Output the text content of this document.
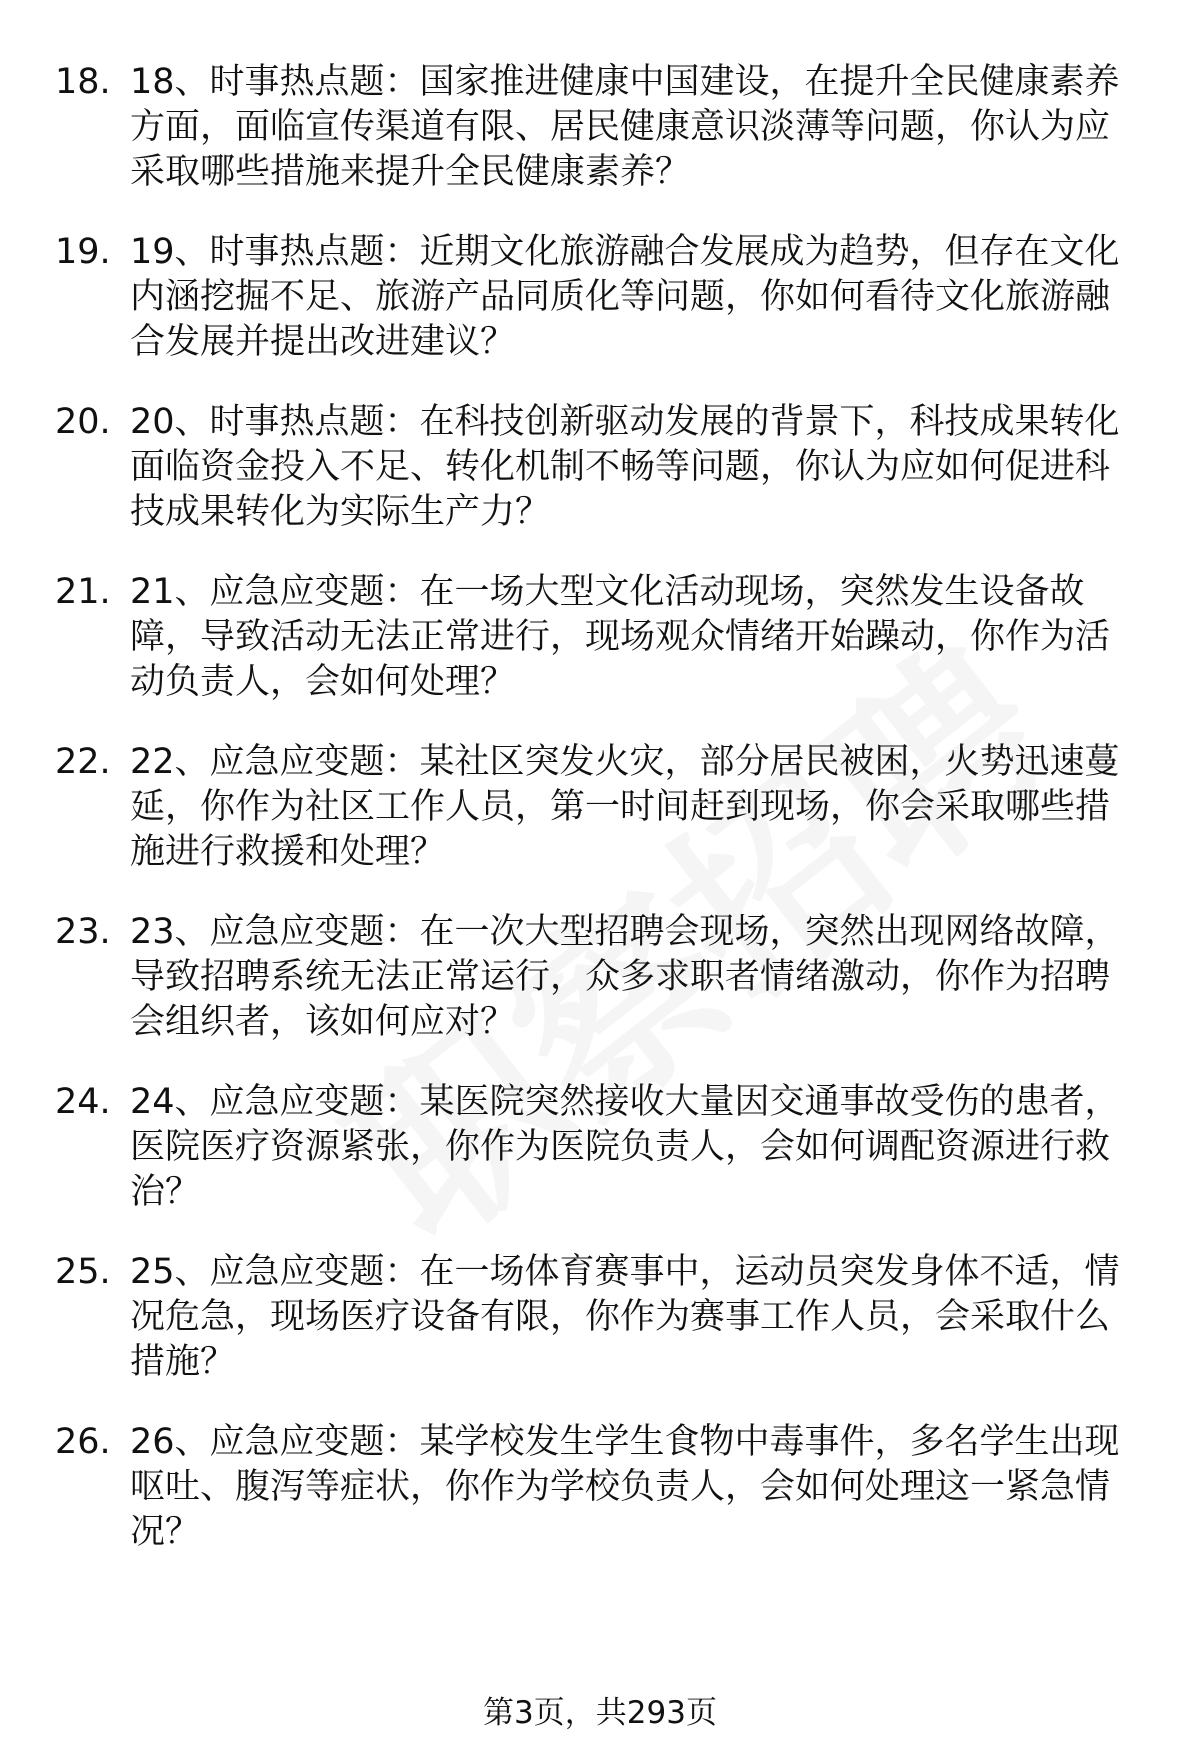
18. 18、时事热点题：国家推进健康中国建设，在提升全民健康素养
方面，面临宣传渠道有限、居民健康意识淡薄等问题，你认为应
采取哪些措施来提升全民健康素养？
19. 19、时事热点题：近期文化旅游融合发展成为趋势，但存在文化
内涵挖掘不足、旅游产品同质化等问题，你如何看待文化旅游融
合发展并提出改进建议？
20. 20、时事热点题：在科技创新驱动发展的背景下，科技成果转化
面临资金投入不足、转化机制不畅等问题，你认为应如何促进科
技成果转化为实际生产力？
21. 21、应急应变题：在一场大型文化活动现场，突然发生设备故
障，导致活动无法正常进行，现场观众情绪开始躁动，你作为活
动负责人，会如何处理？
22. 22、应急应变题：某社区突发火灾，部分居民被困，火势迅速蔓
延，你作为社区工作人员，第一时间赶到现场，你会采取哪些措
施进行救援和处理？
23. 23、应急应变题：在一次大型招聘会现场，突然出现网络故障，
导致招聘系统无法正常运行，众多求职者情绪激动，你作为招聘
会组织者，该如何应对？
24. 24、应急应变题：某医院突然接收大量因交通事故受伤的患者，
医院医疗资源紧张，你作为医院负责人，会如何调配资源进行救
治？
25. 25、应急应变题：在一场体育赛事中，运动员突发身体不适，情
况危急，现场医疗设备有限，你作为赛事工作人员，会采取什么
措施？
26. 26、应急应变题：某学校发生学生食物中毒事件，多名学生出现
呕吐、腹泻等症状，你作为学校负责人，会如何处理这一紧急情
况？
第3页，共293页
